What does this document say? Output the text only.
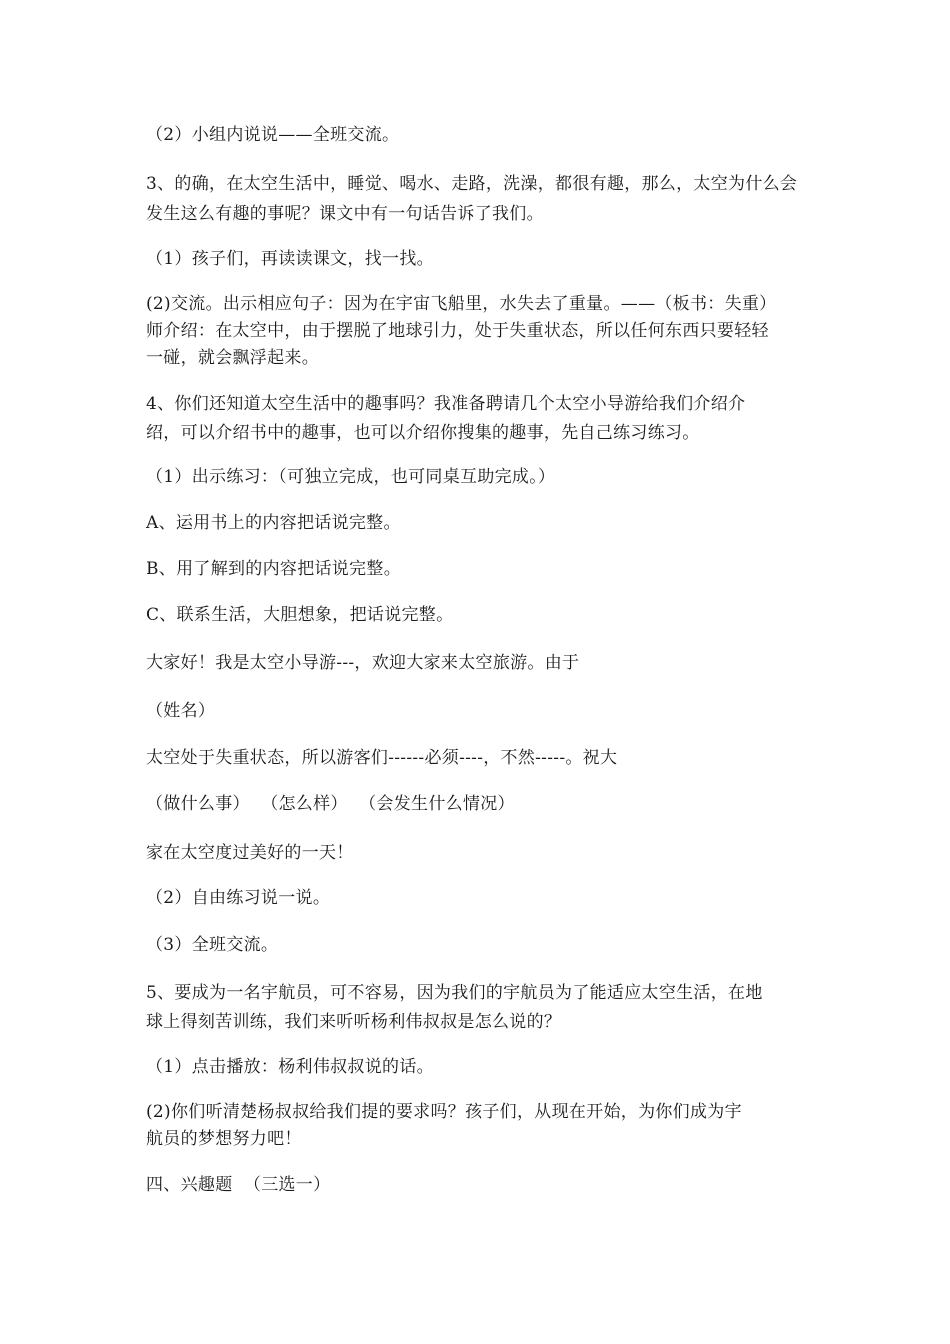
（2）小组内说说——全班交流。
3、的确，在太空生活中，睡觉、喝水、走路，洗澡，都很有趣，那么，太空为什么会
发生这么有趣的事呢？课文中有一句话告诉了我们。
（1）孩子们，再读读课文，找一找。
(2)交流。出示相应句子：因为在宇宙飞船里，水失去了重量。——（板书：失重）
师介绍：在太空中，由于摆脱了地球引力，处于失重状态，所以任何东西只要轻轻
一碰，就会飘浮起来。
4、你们还知道太空生活中的趣事吗？我准备聘请几个太空小导游给我们介绍介
绍，可以介绍书中的趣事，也可以介绍你搜集的趣事，先自己练习练习。
（1）出示练习：（可独立完成，也可同桌互助完成。）
A、运用书上的内容把话说完整。
B、用了解到的内容把话说完整。
C、联系生活，大胆想象，把话说完整。
大家好！我是太空小导游---，欢迎大家来太空旅游。由于
（姓名）
太空处于失重状态，所以游客们------必须----，不然-----。祝大
（做什么事）  （怎么样）  （会发生什么情况）
家在太空度过美好的一天！
（2）自由练习说一说。
（3）全班交流。
5、要成为一名宇航员，可不容易，因为我们的宇航员为了能适应太空生活，在地
球上得刻苦训练，我们来听听杨利伟叔叔是怎么说的？
（1）点击播放：杨利伟叔叔说的话。
(2)你们听清楚杨叔叔给我们提的要求吗？孩子们，从现在开始，为你们成为宇
航员的梦想努力吧！
四、兴趣题  （三选一）
